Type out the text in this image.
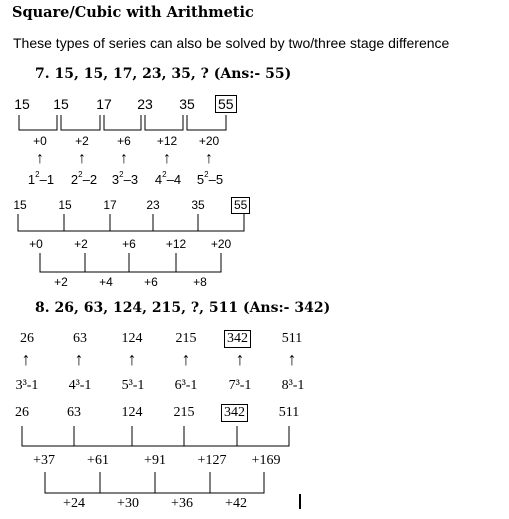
Square/Cubic with Arithmetic
These types of series can also be solved by two/three stage difference
7. 15, 15, 17, 23, 35, ? (Ans:- 55)
15 15 17 23 35 55
+0 +2 +6 +12 +20
↑ ↑ ↑ ↑ ↑
$1^2-1$ $2^2-2$ $3^2-3$ $4^2-4$ $5^2-5$
15	15	17 23	35 55
+0	+2	+6 +12 +20
+2	+4	+6	+8
8. 26, 63, 124, 215, ?, 511 (Ans:- 342)
26	63 124 215 342 511
↑ ↑ ↑	↑	↑ ↑
3³-1 4³-1 5³-1 6³-1 7³-1 8³-1
26	63	124 215 342 511
+37 +61	+91 +127 +169
+24 +30 +36 +42
